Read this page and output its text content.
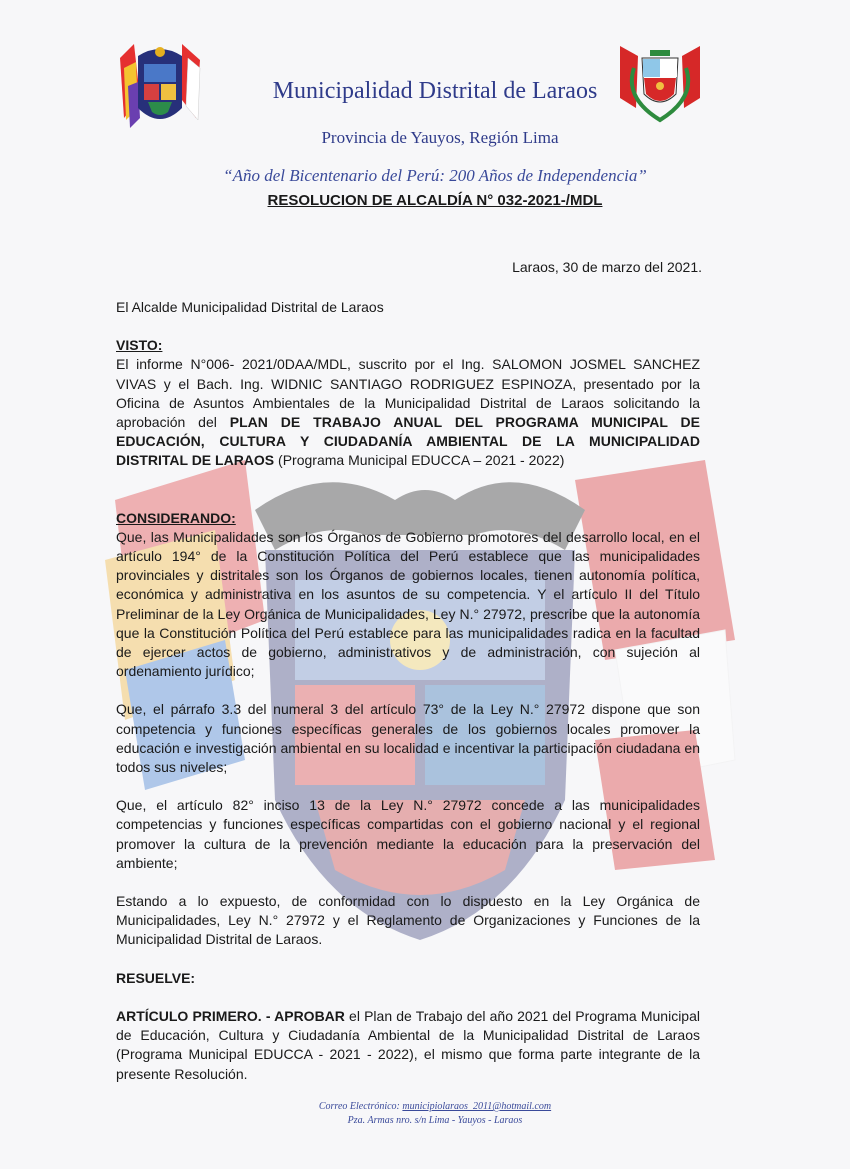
Municipalidad Distrital de Laraos
Provincia de Yauyos, Región Lima
“Año del Bicentenario del Perú: 200 Años de Independencia”
RESOLUCION DE ALCALDÍA N° 032-2021-/MDL
Laraos, 30 de marzo del 2021.

El Alcalde Municipalidad Distrital de Laraos

VISTO:

El informe N°006- 2021/0DAA/MDL, suscrito por el Ing. SALOMON JOSMEL SANCHEZ VIVAS y el Bach. Ing. WIDNIC SANTIAGO RODRIGUEZ ESPINOZA, presentado por la Oficina de Asuntos Ambientales de la Municipalidad Distrital de Laraos solicitando la aprobación del PLAN DE TRABAJO ANUAL DEL PROGRAMA MUNICIPAL DE EDUCACIÓN, CULTURA Y CIUDADANÍA AMBIENTAL DE LA MUNICIPALIDAD DISTRITAL DE LARAOS (Programa Municipal EDUCCA – 2021 - 2022)

CONSIDERANDO:

Que, las Municipalidades son los Órganos de Gobierno promotores del desarrollo local, en el artículo 194° de la Constitución Política del Perú establece que las municipalidades provinciales y distritales son los Órganos de gobiernos locales, tienen autonomía política, económica y administrativa en los asuntos de su competencia. Y el artículo II del Título Preliminar de la Ley Orgánica de Municipalidades, Ley N.° 27972, prescribe que la autonomía que la Constitución Política del Perú establece para las municipalidades radica en la facultad de ejercer actos de gobierno, administrativos y de administración, con sujeción al ordenamiento jurídico;

Que, el párrafo 3.3 del numeral 3 del artículo 73° de la Ley N.° 27972 dispone que son competencia y funciones específicas generales de los gobiernos locales promover la educación e investigación ambiental en su localidad e incentivar la participación ciudadana en todos sus niveles;

Que, el artículo 82° inciso 13 de la Ley N.° 27972 concede a las municipalidades competencias y funciones específicas compartidas con el gobierno nacional y el regional promover la cultura de la prevención mediante la educación para la preservación del ambiente;

Estando a lo expuesto, de conformidad con lo dispuesto en la Ley Orgánica de Municipalidades, Ley N.° 27972 y el Reglamento de Organizaciones y Funciones de la Municipalidad Distrital de Laraos.

RESUELVE:

ARTÍCULO PRIMERO. - APROBAR el Plan de Trabajo del año 2021 del Programa Municipal de Educación, Cultura y Ciudadanía Ambiental de la Municipalidad Distrital de Laraos (Programa Municipal EDUCCA - 2021 - 2022), el mismo que forma parte integrante de la presente Resolución.

Correo Electrónico: municipiolaraos_2011@hotmail.com
Pza. Armas nro. s/n Lima - Yauyos - Laraos
